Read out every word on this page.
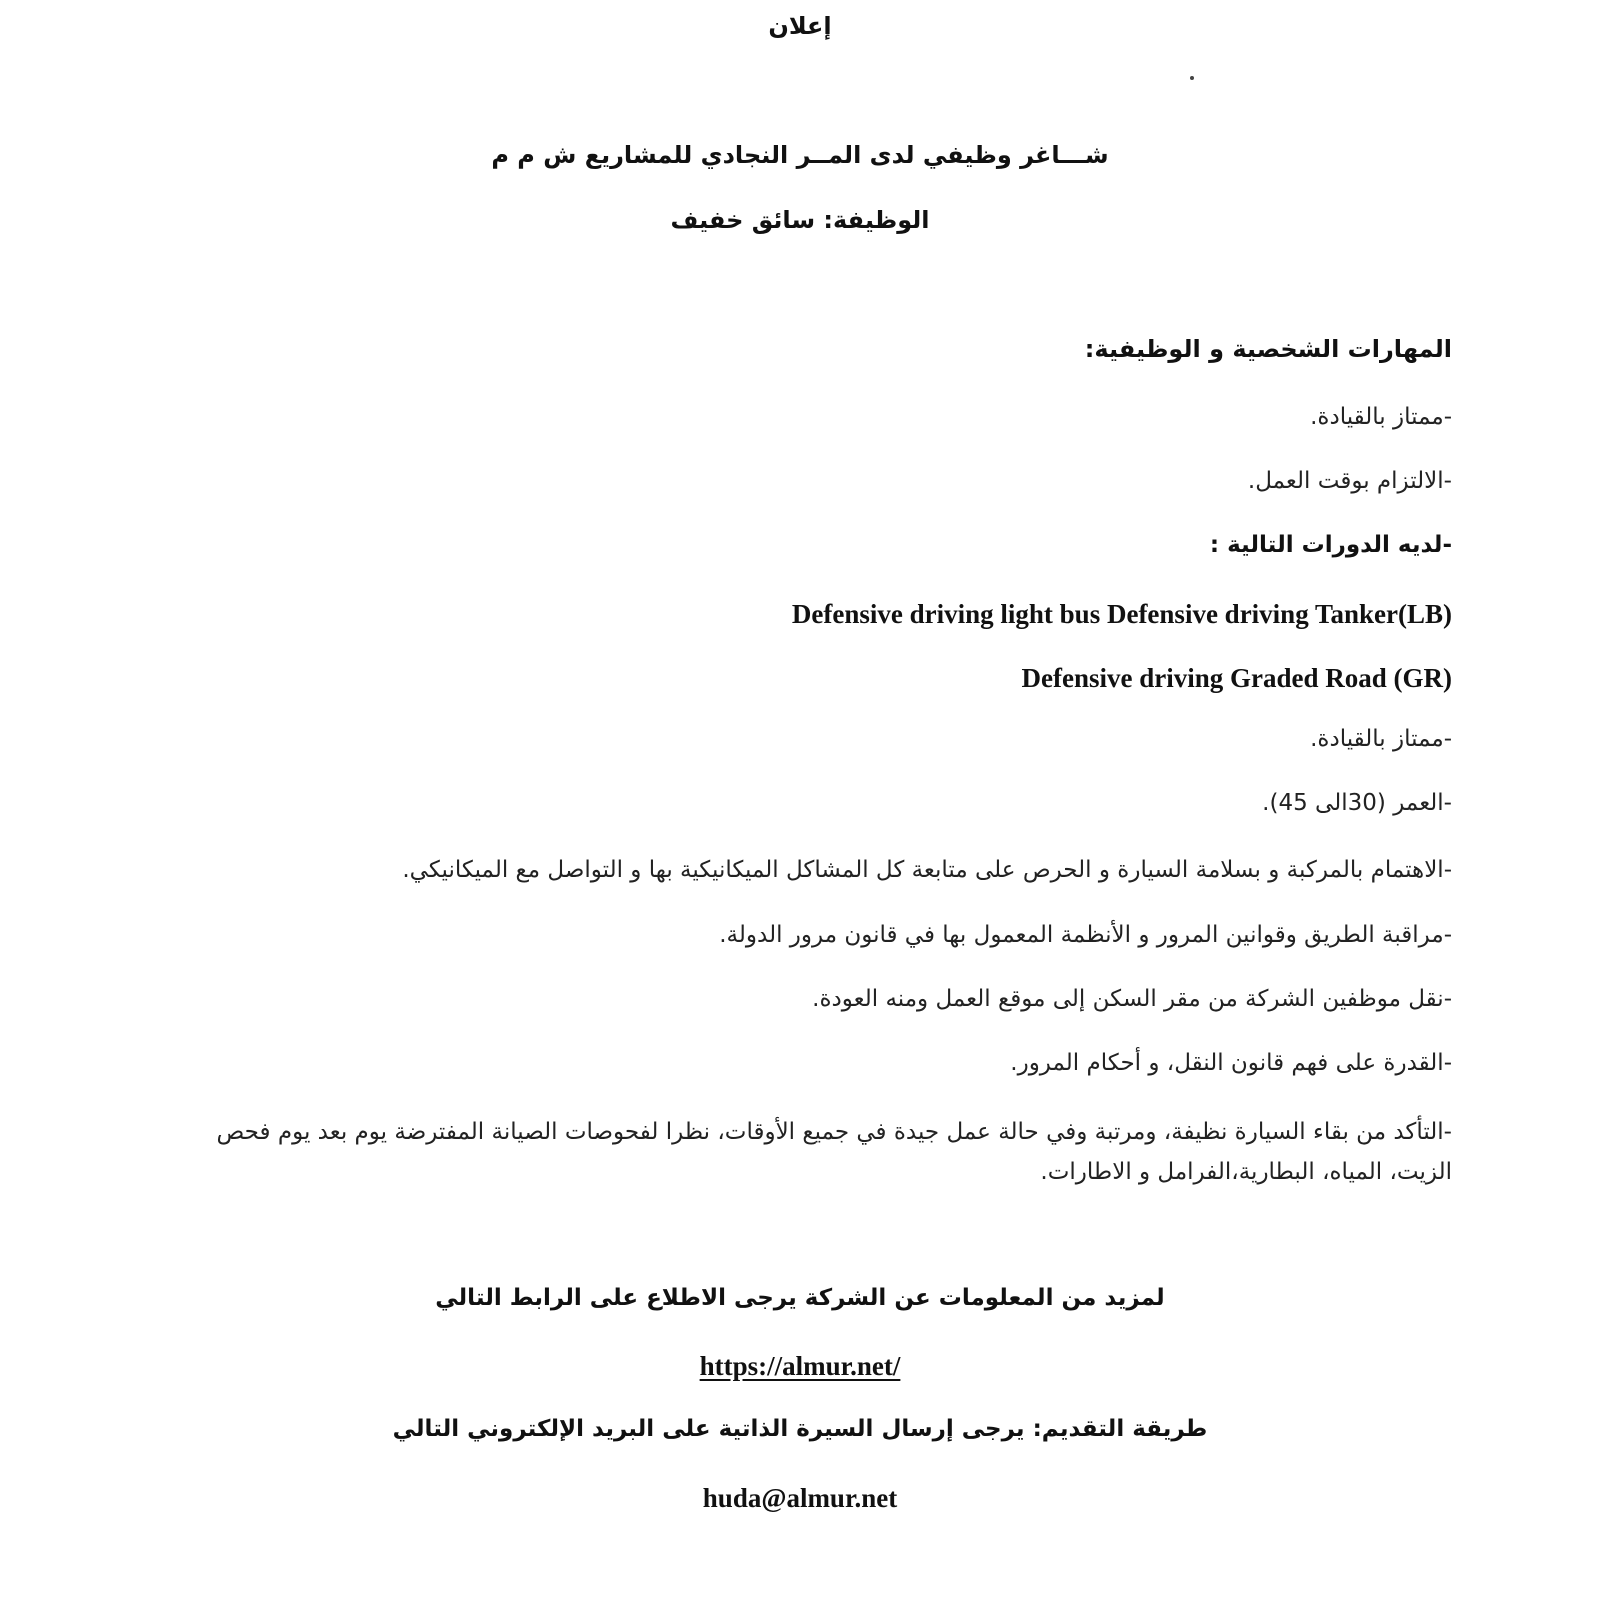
إعلان
شـــاغر وظيفي لدى المــر النجادي للمشاريع ش م م
الوظيفة: سائق خفيف
المهارات الشخصية و الوظيفية:
-ممتاز بالقيادة.
-الالتزام بوقت العمل.
-لديه الدورات التالية :
Defensive driving light bus Defensive driving Tanker(LB)
Defensive driving Graded Road (GR)
-ممتاز بالقيادة.
-العمر (30الى 45).
-الاهتمام بالمركبة و بسلامة السيارة و الحرص على متابعة كل المشاكل الميكانيكية بها و التواصل مع الميكانيكي.
-مراقبة الطريق وقوانين المرور و الأنظمة المعمول بها في قانون مرور الدولة.
-نقل موظفين الشركة من مقر السكن إلى موقع العمل ومنه العودة.
-القدرة على فهم قانون النقل، و أحكام المرور.
-التأكد من بقاء السيارة نظيفة، ومرتبة وفي حالة عمل جيدة في جميع الأوقات، نظرا لفحوصات الصيانة المفترضة يوم بعد يوم فحص الزيت، المياه، البطارية،الفرامل و الاطارات.
لمزيد من المعلومات عن الشركة يرجى الاطلاع على الرابط التالي
https://almur.net/
طريقة التقديم: يرجى إرسال السيرة الذاتية على البريد الإلكتروني التالي
huda@almur.net
